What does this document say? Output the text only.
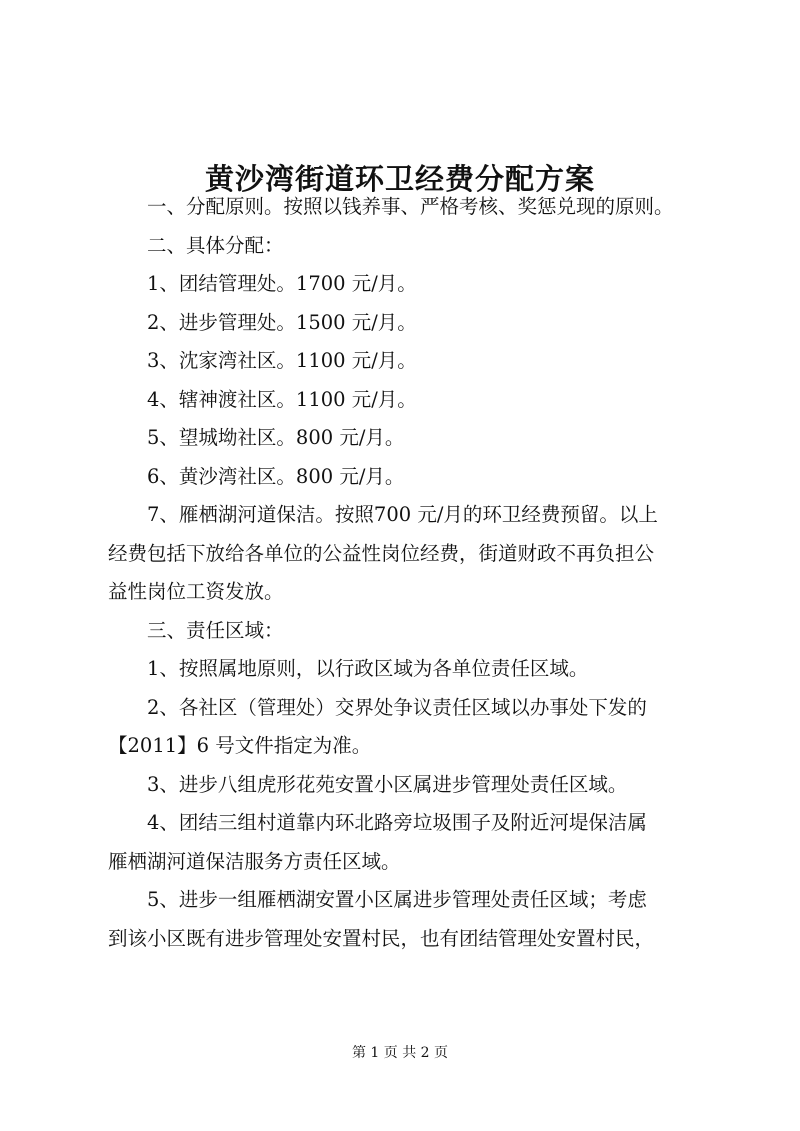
黄沙湾街道环卫经费分配方案

一、分配原则。按照以钱养事、严格考核、奖惩兑现的原则。

二、具体分配：

1、团结管理处。1700 元/月。

2、进步管理处。1500 元/月。

3、沈家湾社区。1100 元/月。

4、辖神渡社区。1100 元/月。

5、望城坳社区。800 元/月。

6、黄沙湾社区。800 元/月。

7、雁栖湖河道保洁。按照700 元/月的环卫经费预留。以上
经费包括下放给各单位的公益性岗位经费，街道财政不再负担公
益性岗位工资发放。

三、责任区域：

1、按照属地原则，以行政区域为各单位责任区域。

2、各社区（管理处）交界处争议责任区域以办事处下发的
【2011】6 号文件指定为准。

3、进步八组虎形花苑安置小区属进步管理处责任区域。

4、团结三组村道靠内环北路旁垃圾围子及附近河堤保洁属
雁栖湖河道保洁服务方责任区域。

5、进步一组雁栖湖安置小区属进步管理处责任区域；考虑
到该小区既有进步管理处安置村民，也有团结管理处安置村民，

第 1 页 共 2 页
